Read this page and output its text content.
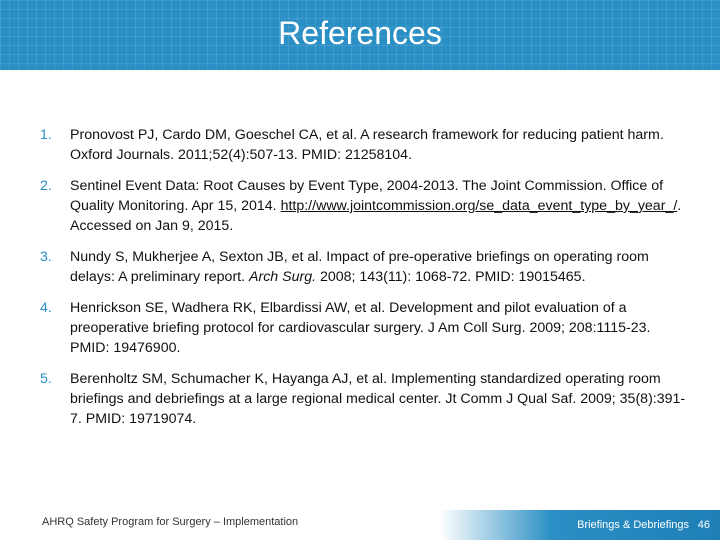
References
1.	Pronovost PJ, Cardo DM, Goeschel CA, et al. A research framework for reducing patient harm. Oxford Journals. 2011;52(4):507-13. PMID: 21258104.
2.	Sentinel Event Data: Root Causes by Event Type, 2004-2013. The Joint Commission. Office of Quality Monitoring. Apr 15, 2014. http://www.jointcommission.org/se_data_event_type_by_year_/. Accessed on Jan 9, 2015.
3.	Nundy S, Mukherjee A, Sexton JB, et al. Impact of pre-operative briefings on operating room delays: A preliminary report. Arch Surg. 2008; 143(11): 1068-72. PMID: 19015465.
4.	Henrickson SE, Wadhera RK, Elbardissi AW, et al. Development and pilot evaluation of a preoperative briefing protocol for cardiovascular surgery. J Am Coll Surg. 2009; 208:1115-23. PMID: 19476900.
5.	Berenholtz SM, Schumacher K, Hayanga AJ, et al. Implementing standardized operating room briefings and debriefings at a large regional medical center. Jt Comm J Qual Saf. 2009; 35(8):391-7. PMID: 19719074.
AHRQ Safety Program for Surgery – Implementation	Briefings & Debriefings 46
